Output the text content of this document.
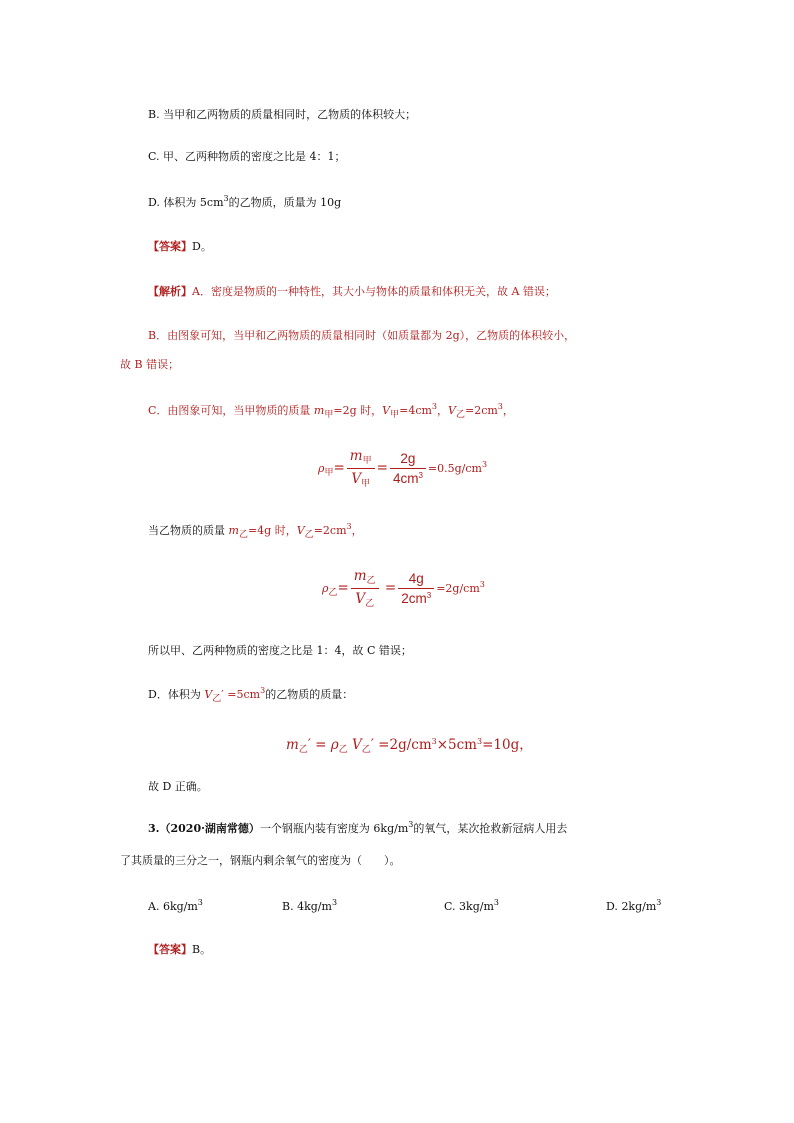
B. 当甲和乙两物质的质量相同时，乙物质的体积较大；
C. 甲、乙两种物质的密度之比是 4：1；
D. 体积为 $5cm^3$的乙物质，质量为 10g
【答案】D。
【解析】A．密度是物质的一种特性，其大小与物体的质量和体积无关，故 A 错误；
B．由图象可知，当甲和乙两物质的质量相同时（如质量都为 2g），乙物质的体积较小，
故 B 错误；
C．由图象可知，当甲物质的质量 $m_甲=2g$ 时，$V_甲=4cm^3$，$V_乙=2cm^3$，
$\rho_甲= \frac{m_甲}{V_甲} = \frac{2g}{4cm^3} =0.5g/cm^3$
当乙物质的质量 $m_乙=4g$ 时，$V_乙=2cm^3$，
$\rho_乙= \frac{m_乙}{V_乙} = \frac{4g}{2cm^3} =2g/cm^3$
所以甲、乙两种物质的密度之比是 1：4，故 C 错误；
D．体积为 $V_乙' =5cm^3$的乙物质的质量：
$m_乙' = \rho_乙$ $V_乙' =2g/cm^3\times 5cm^3=10g$，
故 D 正确。
3.（2020·湖南常德）一个钢瓶内装有密度为 $6kg/m^3$的氧气，某次抢救新冠病人用去
了其质量的三分之一，钢瓶内剩余氧气的密度为（　　）。
A. $6kg/m^3$	B. $4kg/m^3$	C. $3kg/m^3$	D. $2kg/m^3$
【答案】B。
